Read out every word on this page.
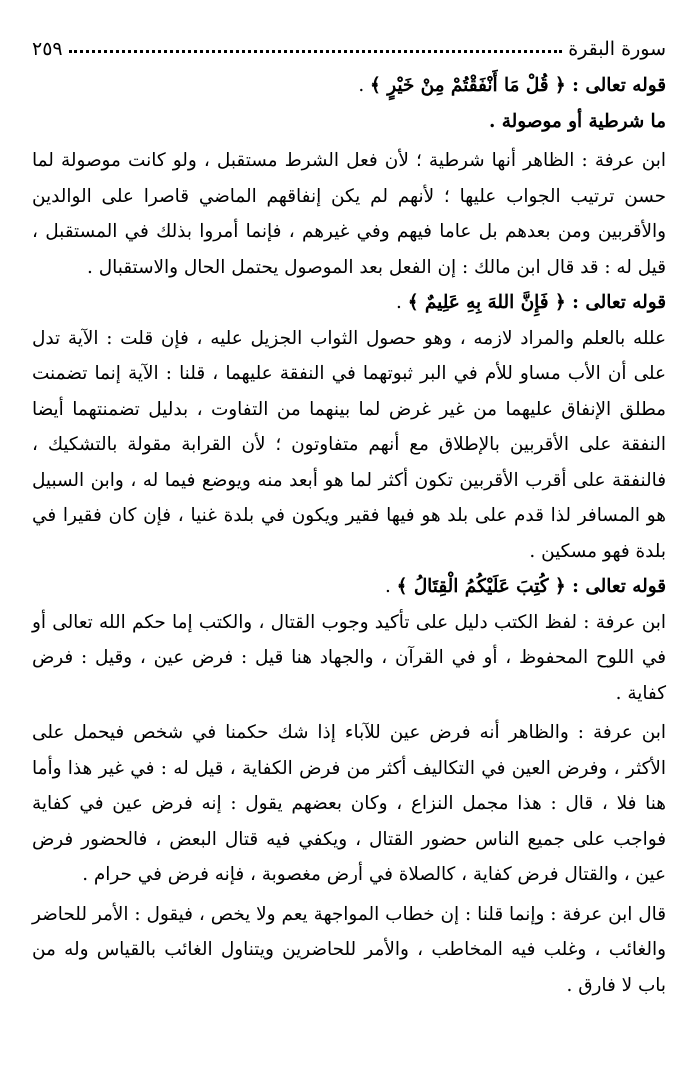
سورة البقرة
٢٥٩

قوله تعالى : ﴿ قُلْ مَا أَنْفَقْتُمْ مِنْ خَيْرٍ ﴾ .

ما شرطية أو موصولة .

ابن عرفة : الظاهر أنها شرطية ؛ لأن فعل الشرط مستقبل ، ولو كانت موصولة لما حسن ترتيب الجواب عليها ؛ لأنهم لم يكن إنفاقهم الماضي قاصرا على الوالدين والأقربين ومن بعدهم بل عاما فيهم وفي غيرهم ، فإنما أمروا بذلك في المستقبل ، قيل له : قد قال ابن مالك : إن الفعل بعد الموصول يحتمل الحال والاستقبال .

قوله تعالى : ﴿ فَإِنَّ اللهَ بِهِ عَلِيمٌ ﴾ .

علله بالعلم والمراد لازمه ، وهو حصول الثواب الجزيل عليه ، فإن قلت : الآية تدل على أن الأب مساو للأم في البر ثبوتهما في النفقة عليهما ، قلنا : الآية إنما تضمنت مطلق الإنفاق عليهما من غير غرض لما بينهما من التفاوت ، بدليل تضمنتهما أيضا النفقة على الأقربين بالإطلاق مع أنهم متفاوتون ؛ لأن القرابة مقولة بالتشكيك ، فالنفقة على أقرب الأقربين تكون أكثر لما هو أبعد منه ويوضع فيما له ، وابن السبيل هو المسافر لذا قدم على بلد هو فيها فقير ويكون في بلدة غنيا ، فإن كان فقيرا في بلدة فهو مسكين .

قوله تعالى : ﴿ كُتِبَ عَلَيْكُمُ الْقِتَالُ ﴾ .

ابن عرفة : لفظ الكتب دليل على تأكيد وجوب القتال ، والكتب إما حكم الله تعالى أو في اللوح المحفوظ ، أو في القرآن ، والجهاد هنا قيل : فرض عين ، وقيل : فرض كفاية .

ابن عرفة : والظاهر أنه فرض عين للآباء إذا شك حكمنا في شخص فيحمل على الأكثر ، وفرض العين في التكاليف أكثر من فرض الكفاية ، قيل له : في غير هذا وأما هنا فلا ، قال : هذا مجمل النزاع ، وكان بعضهم يقول : إنه فرض عين في كفاية فواجب على جميع الناس حضور القتال ، ويكفي فيه قتال البعض ، فالحضور فرض عين ، والقتال فرض كفاية ، كالصلاة في أرض مغصوبة ، فإنه فرض في حرام .

قال ابن عرفة : وإنما قلنا : إن خطاب المواجهة يعم ولا يخص ، فيقول : الأمر للحاضر والغائب ، وغلب فيه المخاطب ، والأمر للحاضرين ويتناول الغائب بالقياس وله من باب لا فارق .
